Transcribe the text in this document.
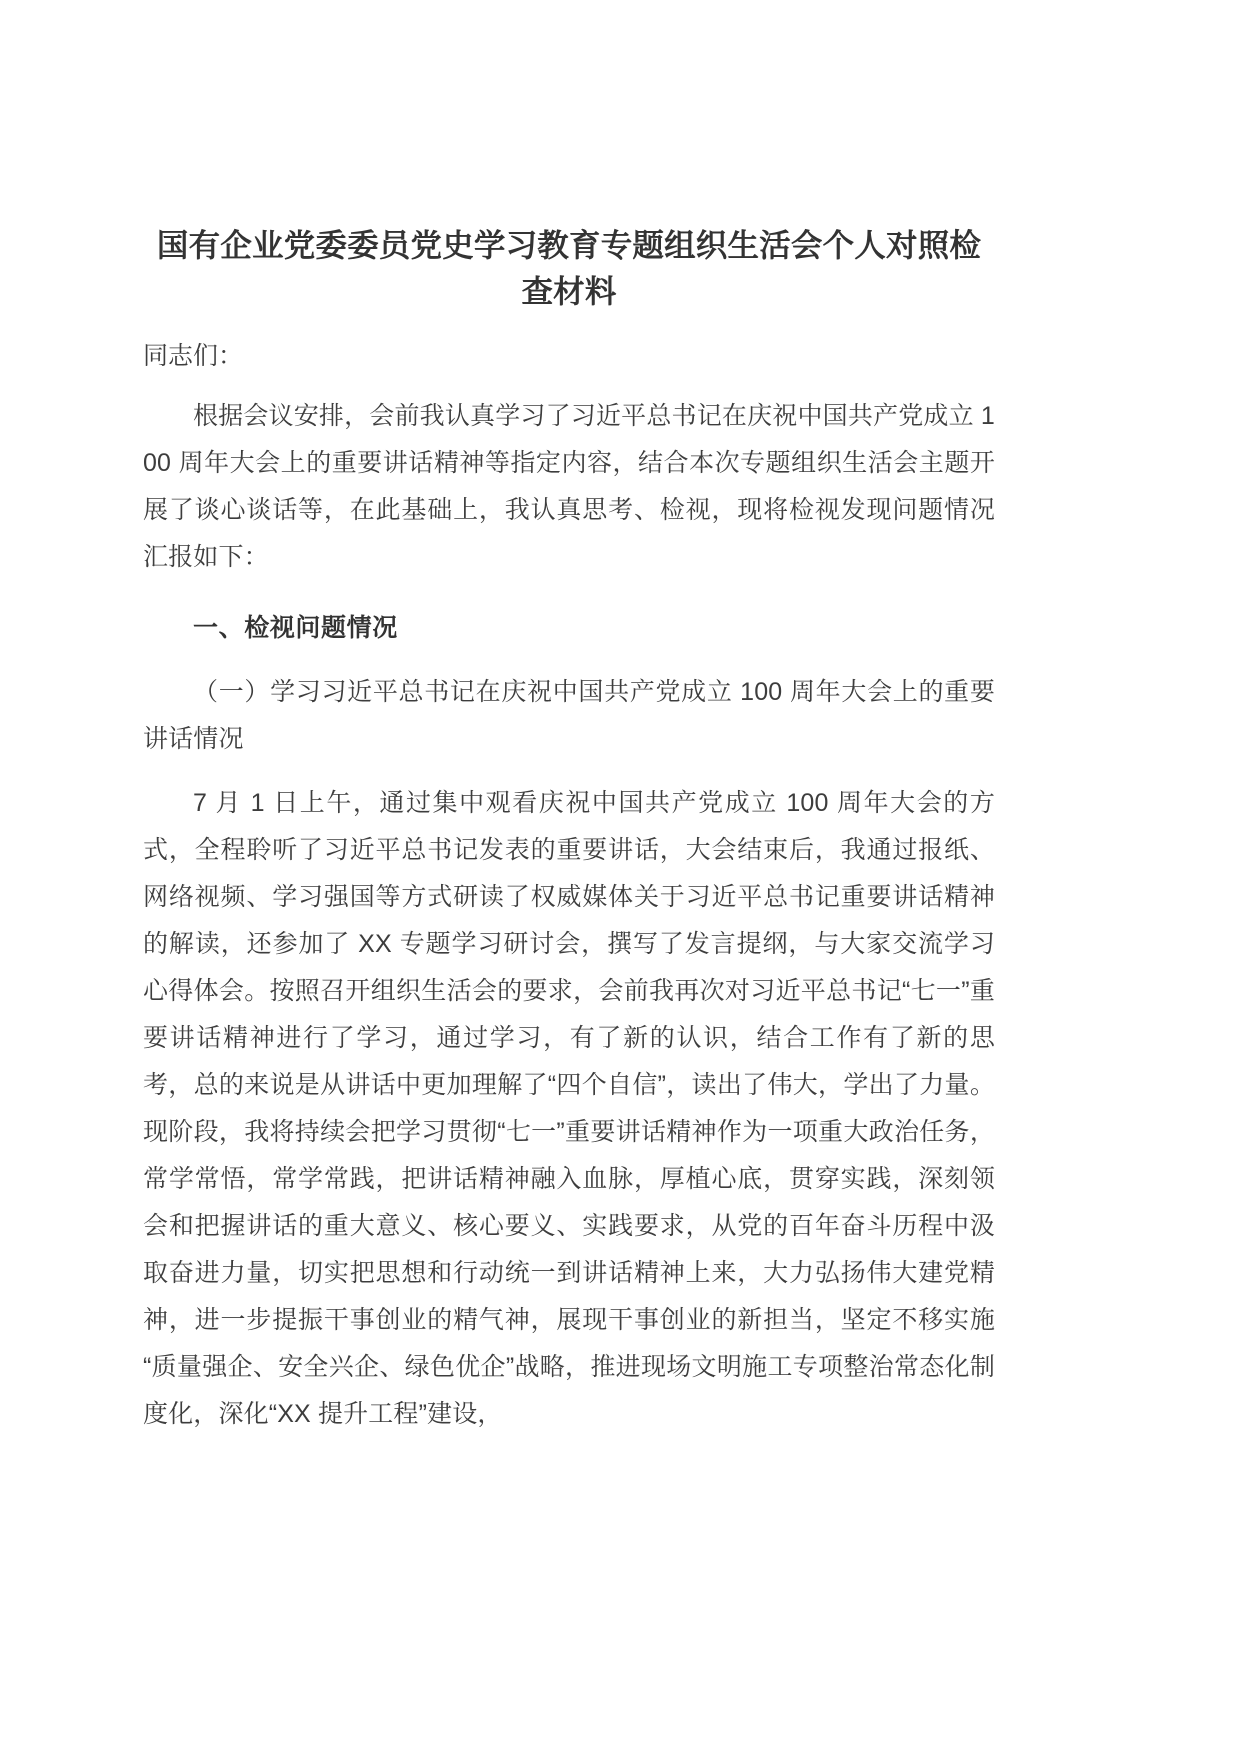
国有企业党委委员党史学习教育专题组织生活会个人对照检查材料

同志们：

根据会议安排，会前我认真学习了习近平总书记在庆祝中国共产党成立 100 周年大会上的重要讲话精神等指定内容，结合本次专题组织生活会主题开展了谈心谈话等，在此基础上，我认真思考、检视，现将检视发现问题情况汇报如下：

一、检视问题情况

（一）学习习近平总书记在庆祝中国共产党成立 100 周年大会上的重要讲话情况

7 月 1 日上午，通过集中观看庆祝中国共产党成立 100 周年大会的方式，全程聆听了习近平总书记发表的重要讲话，大会结束后，我通过报纸、网络视频、学习强国等方式研读了权威媒体关于习近平总书记重要讲话精神的解读，还参加了 XX 专题学习研讨会，撰写了发言提纲，与大家交流学习心得体会。按照召开组织生活会的要求，会前我再次对习近平总书记“七一”重要讲话精神进行了学习，通过学习，有了新的认识，结合工作有了新的思考，总的来说是从讲话中更加理解了“四个自信”，读出了伟大，学出了力量。现阶段，我将持续会把学习贯彻“七一”重要讲话精神作为一项重大政治任务，常学常悟，常学常践，把讲话精神融入血脉，厚植心底，贯穿实践，深刻领会和把握讲话的重大意义、核心要义、实践要求，从党的百年奋斗历程中汲取奋进力量，切实把思想和行动统一到讲话精神上来，大力弘扬伟大建党精神，进一步提振干事创业的精气神，展现干事创业的新担当，坚定不移实施“质量强企、安全兴企、绿色优企”战略，推进现场文明施工专项整治常态化制度化，深化“XX 提升工程”建设，
